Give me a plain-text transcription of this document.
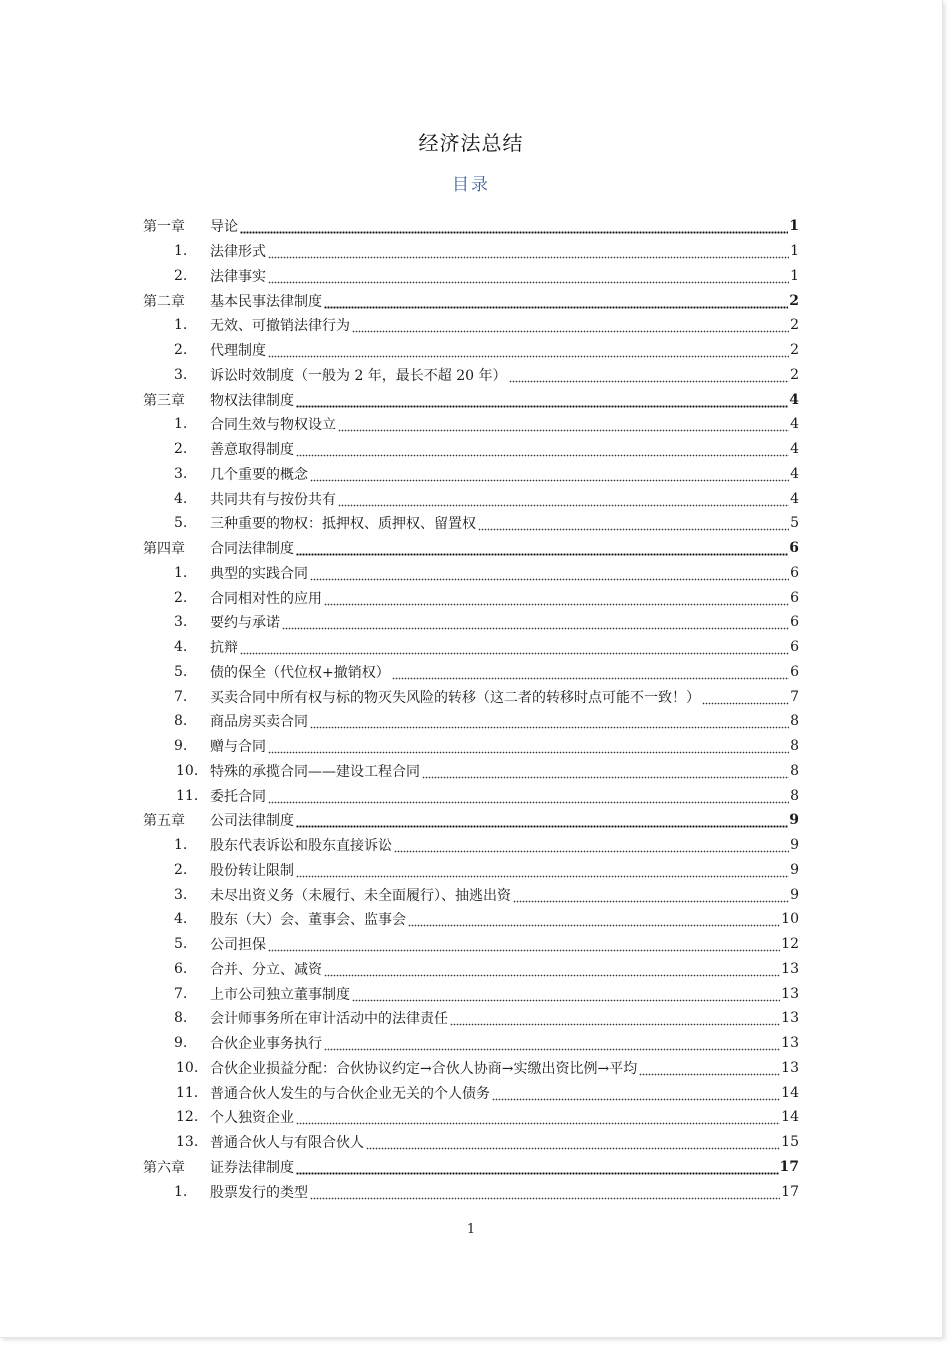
经济法总结
目录
第一章	导论	1
1.	法律形式	1
2.	法律事实	1
第二章	基本民事法律制度	2
1.	无效、可撤销法律行为	2
2.	代理制度	2
3.	诉讼时效制度（一般为 2 年，最长不超 20 年）	2
第三章	物权法律制度	4
1.	合同生效与物权设立	4
2.	善意取得制度	4
3.	几个重要的概念	4
4.	共同共有与按份共有	4
5.	三种重要的物权：抵押权、质押权、留置权	5
第四章	合同法律制度	6
1.	典型的实践合同	6
2.	合同相对性的应用	6
3.	要约与承诺	6
4.	抗辩	6
5.	债的保全（代位权+撤销权）	6
7.	买卖合同中所有权与标的物灭失风险的转移（这二者的转移时点可能不一致！）	7
8.	商品房买卖合同	8
9.	赠与合同	8
10. 特殊的承揽合同——建设工程合同	8
11. 委托合同	8
第五章	公司法律制度	9
1.	股东代表诉讼和股东直接诉讼	9
2.	股份转让限制	9
3.	未尽出资义务（未履行、未全面履行）、抽逃出资	9
4.	股东（大）会、董事会、监事会	10
5.	公司担保	12
6.	合并、分立、减资	13
7.	上市公司独立董事制度	13
8.	会计师事务所在审计活动中的法律责任	13
9.	合伙企业事务执行	13
10. 合伙企业损益分配：合伙协议约定→合伙人协商→实缴出资比例→平均	13
11. 普通合伙人发生的与合伙企业无关的个人债务	14
12. 个人独资企业	14
13. 普通合伙人与有限合伙人	15
第六章	证券法律制度	17
1.	股票发行的类型	17
1
